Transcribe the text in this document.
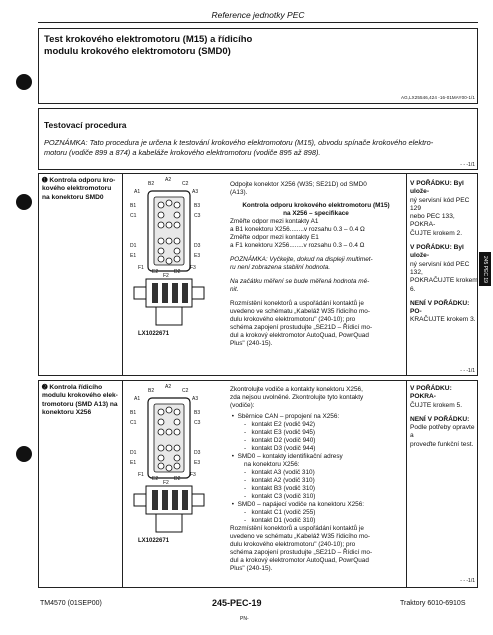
Reference jednotky PEC
Test krokového elektromotoru (M15) a řídicího
modulu krokového elektromotoru (SMD0)
AG,LX25546,424 -16-01MAY00-1/1
Testovací procedura
POZNÁMKA: Tato procedura je určena k testování krokového elektromotoru (M15), obvodu spínače krokového elektro-
motoru (vodiče 899 a 874) a kabeláže krokového elektromotoru (vodiče 895 až 898).
- - -1/1
➊ Kontrola odporu kro-
kového elektromotoru
na konektoru SMD0
B2
A2
C2
A1	A3
B1	B3
C1	C3
D1	D3
E1	E3
F1	F3
E2	D2
F2
LX1022671
Odpojte konektor X256 (W35; SE21D) od SMD0
(A13).
Kontrola odporu krokového elektromotoru (M15)
na X256 – specifikace
Změřte odpor mezi kontakty A1
a B1 konektoru X256........v rozsahu 0.3 – 0.4 Ω
Změřte odpor mezi kontakty E1
a F1 konektoru X256........v rozsahu 0.3 – 0.4 Ω
POZNÁMKA: Vyčkejte, dokud na displeji multimet-
ru není zobrazena stabilní hodnota.
Na začátku měření se bude měřená hodnota mě-
nit.
Rozmístění konektorů a uspořádání kontaktů je
uvedeno ve schématu „Kabeláž W35 řídicího mo-
dulu krokového elektromotoru" (240-10); pro
schéma zapojení prostudujte „SE21D – Řídicí mo-
dul a krokový elektromotor AutoQuad, PowrQuad
Plus" (240-15).
V POŘÁDKU: Byl ulože-
ný servisní kód PEC 129
nebo PEC 133, POKRA-
ČUJTE krokem 2.
V POŘÁDKU: Byl ulože-
ný servisní kód PEC 132,
POKRAČUJTE krokem 6.
NENÍ V POŘÁDKU: PO-
KRAČUJTE krokem 3.
- - -1/1
➋ Kontrola řídicího
modulu krokového elek-
tromotoru (SMD A13) na
konektoru X256
B2
A2
C2
A1	A3
B1	B3
C1	C3
D1	D3
E1	E3
F1	F3
E2	D2
F2
LX1022671
Zkontrolujte vodiče a kontakty konektoru X256,
zda nejsou uvolněné. Zkontrolujte tyto kontakty
(vodiče):
•  Sběrnice CAN – propojení na X256:
-   kontakt E2 (vodič 942)
-   kontakt E3 (vodič 945)
-   kontakt D2 (vodič 940)
-   kontakt D3 (vodič 944)
•  SMD0 – kontakty identifikační adresy
na konektoru X256:
-   kontakt A3 (vodič 310)
-   kontakt A2 (vodič 310)
-   kontakt B3 (vodič 310)
-   kontakt C3 (vodič 310)
•  SMD0 – napájecí vodiče na konektoru X256:
-   kontakt C1 (vodič 255)
-   kontakt D1 (vodič 310)
Rozmístění konektorů a uspořádání kontaktů je
uvedeno ve schématu „Kabeláž W35 řídicího mo-
dulu krokového elektromotoru" (240-10); pro
schéma zapojení prostudujte „SE21D – Řídicí mo-
dul a krokový elektromotor AutoQuad, PowrQuad
Plus" (240-15).
V POŘÁDKU: POKRA-
ČUJTE krokem 5.
NENÍ V POŘÁDKU:
Podle potřeby opravte a
proveďte funkční test.
- - -1/1
245 PEC 19
TM4570 (01SEP00)	245-PEC-19	Traktory 6010-6910S
PN-
